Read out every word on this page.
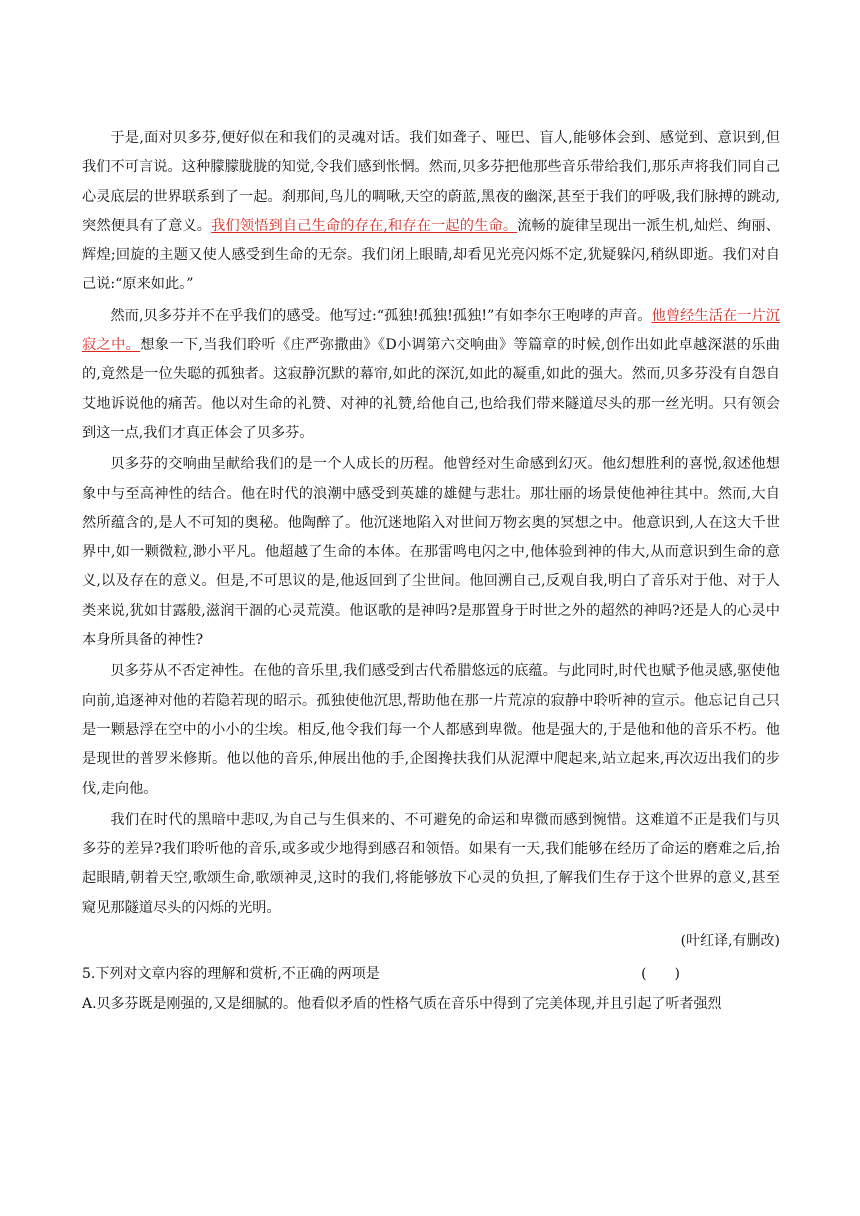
于是,面对贝多芬,便好似在和我们的灵魂对话。我们如聋子、哑巴、盲人,能够体会到、感觉到、意识到,但我们不可言说。这种朦朦胧胧的知觉,令我们感到怅惘。然而,贝多芬把他那些音乐带给我们,那乐声将我们同自己心灵底层的世界联系到了一起。刹那间,鸟儿的啁啾,天空的蔚蓝,黑夜的幽深,甚至于我们的呼吸,我们脉搏的跳动,突然便具有了意义。我们领悟到自己生命的存在,和存在一起的生命。流畅的旋律呈现出一派生机,灿烂、绚丽、辉煌;回旋的主题又使人感受到生命的无奈。我们闭上眼睛,却看见光亮闪烁不定,犹疑躲闪,稍纵即逝。我们对自己说:“原来如此。”

然而,贝多芬并不在乎我们的感受。他写过:“孤独!孤独!孤独!”有如李尔王咆哮的声音。他曾经生活在一片沉寂之中。想象一下,当我们聆听《庄严弥撒曲》《D小调第六交响曲》等篇章的时候,创作出如此卓越深湛的乐曲的,竟然是一位失聪的孤独者。这寂静沉默的幕帘,如此的深沉,如此的凝重,如此的强大。然而,贝多芬没有自怨自艾地诉说他的痛苦。他以对生命的礼赞、对神的礼赞,给他自己,也给我们带来隧道尽头的那一丝光明。只有领会到这一点,我们才真正体会了贝多芬。

贝多芬的交响曲呈献给我们的是一个人成长的历程。他曾经对生命感到幻灭。他幻想胜利的喜悦,叙述他想象中与至高神性的结合。他在时代的浪潮中感受到英雄的雄健与悲壮。那壮丽的场景使他神往其中。然而,大自然所蕴含的,是人不可知的奥秘。他陶醉了。他沉迷地陷入对世间万物玄奥的冥想之中。他意识到,人在这大千世界中,如一颗微粒,渺小平凡。他超越了生命的本体。在那雷鸣电闪之中,他体验到神的伟大,从而意识到生命的意义,以及存在的意义。但是,不可思议的是,他返回到了尘世间。他回溯自己,反观自我,明白了音乐对于他、对于人类来说,犹如甘露般,滋润干涸的心灵荒漠。他讴歌的是神吗?是那置身于时世之外的超然的神吗?还是人的心灵中本身所具备的神性?

贝多芬从不否定神性。在他的音乐里,我们感受到古代希腊悠远的底蕴。与此同时,时代也赋予他灵感,驱使他向前,追逐神对他的若隐若现的昭示。孤独使他沉思,帮助他在那一片荒凉的寂静中聆听神的宣示。他忘记自己只是一颗悬浮在空中的小小的尘埃。相反,他令我们每一个人都感到卑微。他是强大的,于是他和他的音乐不朽。他是现世的普罗米修斯。他以他的音乐,伸展出他的手,企图搀扶我们从泥潭中爬起来,站立起来,再次迈出我们的步伐,走向他。

我们在时代的黑暗中悲叹,为自己与生俱来的、不可避免的命运和卑微而感到惋惜。这难道不正是我们与贝多芬的差异?我们聆听他的音乐,或多或少地得到感召和领悟。如果有一天,我们能够在经历了命运的磨难之后,抬起眼睛,朝着天空,歌颂生命,歌颂神灵,这时的我们,将能够放下心灵的负担,了解我们生存于这个世界的意义,甚至窥见那隧道尽头的闪烁的光明。

(叶红译,有删改)

5.下列对文章内容的理解和赏析,不正确的两项是	(　　)

A.贝多芬既是刚强的,又是细腻的。他看似矛盾的性格气质在音乐中得到了完美体现,并且引起了听者强烈
